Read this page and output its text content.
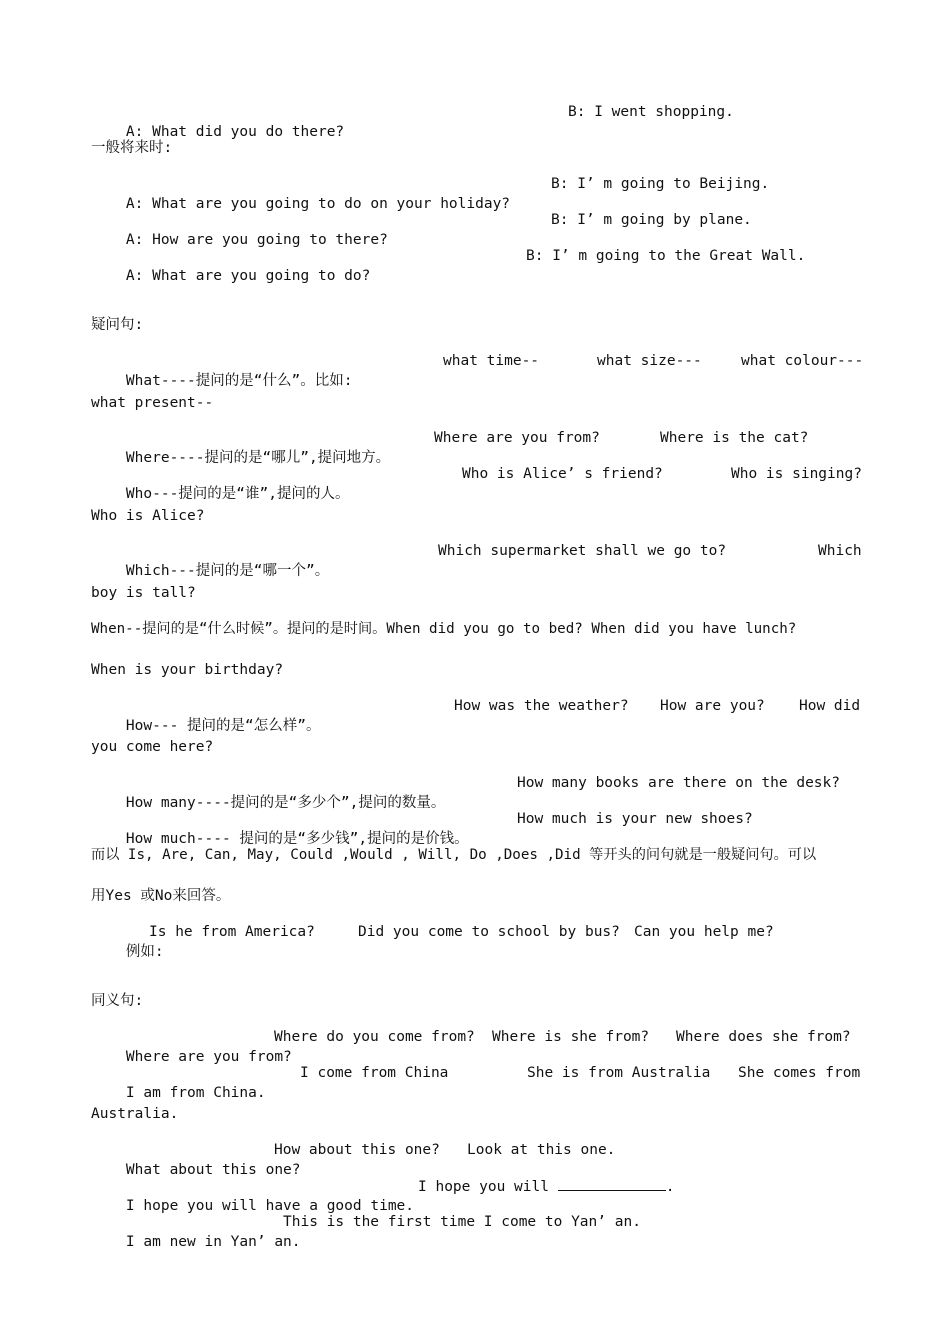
A: What did you do there?

B: I went shopping.

一般将来时:

A: What are you going to do on your holiday?

B: I’ m going to Beijing.

A: How are you going to there?

B: I’ m going by plane.

A: What are you going to do?

B: I’ m going to the Great Wall.

疑问句:

What----提问的是“什么”。比如:

what time--

	what size---

	what colour---

what present--

Where----提问的是“哪儿”,提问地方。

Where are you from?

	Where is the cat?

Who---提问的是“谁”,提问的人。

Who is Alice’ s friend?

	Who is singing?

Who is Alice?

Which---提问的是“哪一个”。

Which supermarket shall we go to?

	Which

boy is tall?
When--提问的是“什么时候”。提问的是时间。When did you go to bed? When did you have lunch?
When is your birthday?

How--- 提问的是“怎么样”。

How was the weather?

How are you?

How did

you come here?

How many----提问的是“多少个”,提问的数量。

How many books are there on the desk?

How much---- 提问的是“多少钱”,提问的是价钱。

How much is your new shoes?

而以 Is, Are, Can, May, Could ,Would , Will, Do ,Does ,Did 等开头的问句就是一般疑问句。可以
用Yes 或No来回答。

例如:

Is he from America?

	Did you come to school by bus?

Can you help me?

同义句:

Where are you from?

Where do you come from?

Where is she from?

Where does she from?

I am from China.

I come from China

	She is from Australia

She comes from

Australia.

What about this one?

How about this one?

Look at this one.

I hope you will have a good time.

I hope you will	.

I am new in Yan’ an.

This is the first time I come to Yan’ an.
